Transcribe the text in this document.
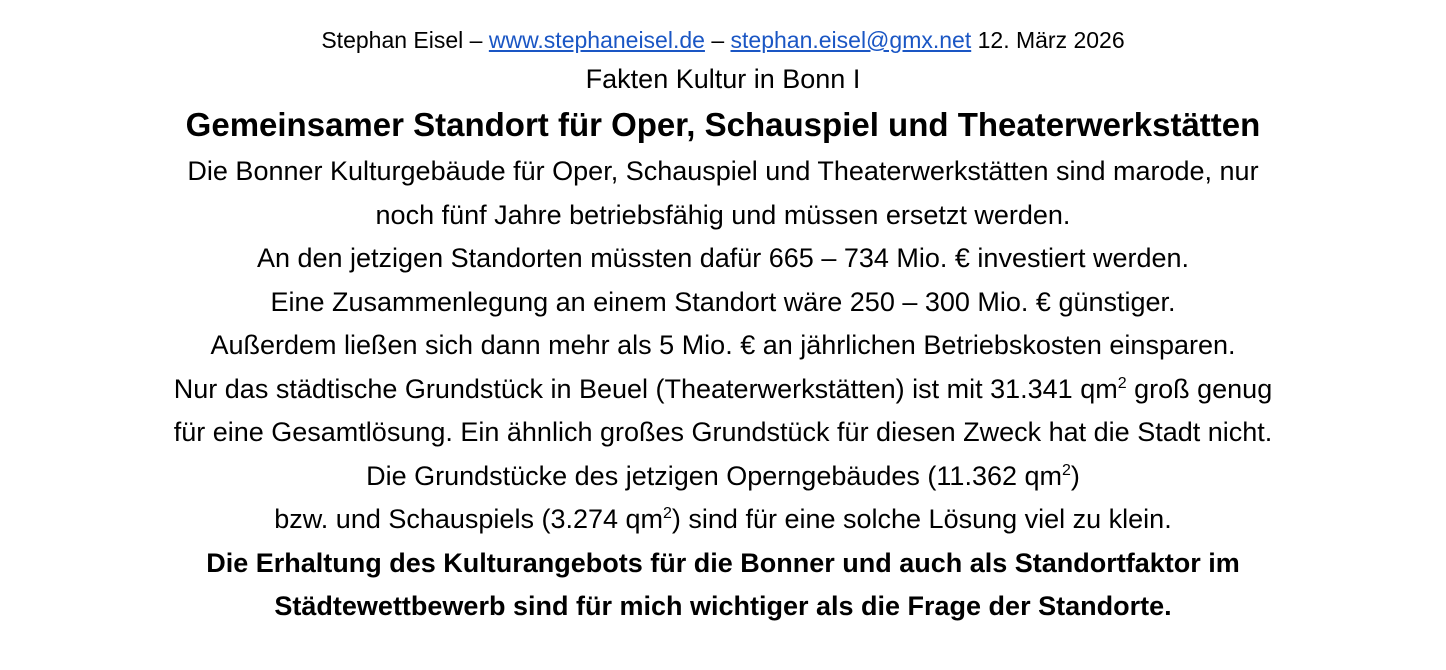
Stephan Eisel – www.stephaneisel.de – stephan.eisel@gmx.net 12. März 2026
Fakten Kultur in Bonn I
Gemeinsamer Standort für Oper, Schauspiel und Theaterwerkstätten
Die Bonner Kulturgebäude für Oper, Schauspiel und Theaterwerkstätten sind marode, nur
noch fünf Jahre betriebsfähig und müssen ersetzt werden.
An den jetzigen Standorten müssten dafür 665 – 734 Mio. € investiert werden.
Eine Zusammenlegung an einem Standort wäre 250 – 300 Mio. € günstiger.
Außerdem ließen sich dann mehr als 5 Mio. € an jährlichen Betriebskosten einsparen.
Nur das städtische Grundstück in Beuel (Theaterwerkstätten) ist mit 31.341 $qm^2$ groß genug
für eine Gesamtlösung. Ein ähnlich großes Grundstück für diesen Zweck hat die Stadt nicht.
Die Grundstücke des jetzigen Operngebäudes (11.362 $qm^2$)
bzw. und Schauspiels (3.274 $qm^2$) sind für eine solche Lösung viel zu klein.
Die Erhaltung des Kulturangebots für die Bonner und auch als Standortfaktor im
Städtewettbewerb sind für mich wichtiger als die Frage der Standorte.
